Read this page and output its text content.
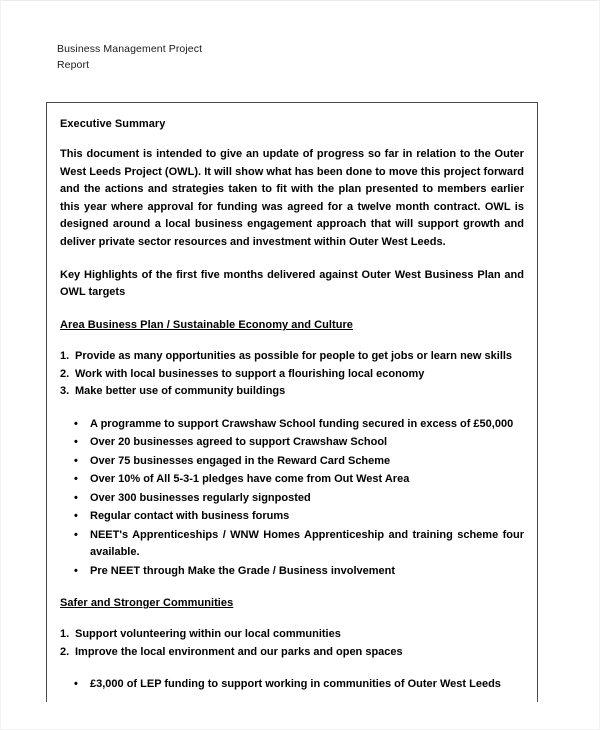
Business Management Project
Report
Executive Summary

This document is intended to give an update of progress so far in relation to the Outer West Leeds Project (OWL). It will show what has been done to move this project forward and the actions and strategies taken to fit with the plan presented to members earlier this year where approval for funding was agreed for a twelve month contract. OWL is designed around a local business engagement approach that will support growth and deliver private sector resources and investment within Outer West Leeds.

Key Highlights of the first five months delivered against Outer West Business Plan and OWL targets

Area Business Plan / Sustainable Economy and Culture
1. Provide as many opportunities as possible for people to get jobs or learn new skills
2. Work with local businesses to support a flourishing local economy
3. Make better use of community buildings
• A programme to support Crawshaw School funding secured in excess of £50,000
• Over 20 businesses agreed to support Crawshaw School
• Over 75 businesses engaged in the Reward Card Scheme
• Over 10% of All 5-3-1 pledges have come from Out West Area
• Over 300 businesses regularly signposted
• Regular contact with business forums
• NEET's Apprenticeships / WNW Homes Apprenticeship and training scheme four available.
• Pre NEET through Make the Grade / Business involvement
Safer and Stronger Communities
1. Support volunteering within our local communities
2. Improve the local environment and our parks and open spaces
• £3,000 of LEP funding to support working in communities of Outer West Leeds
